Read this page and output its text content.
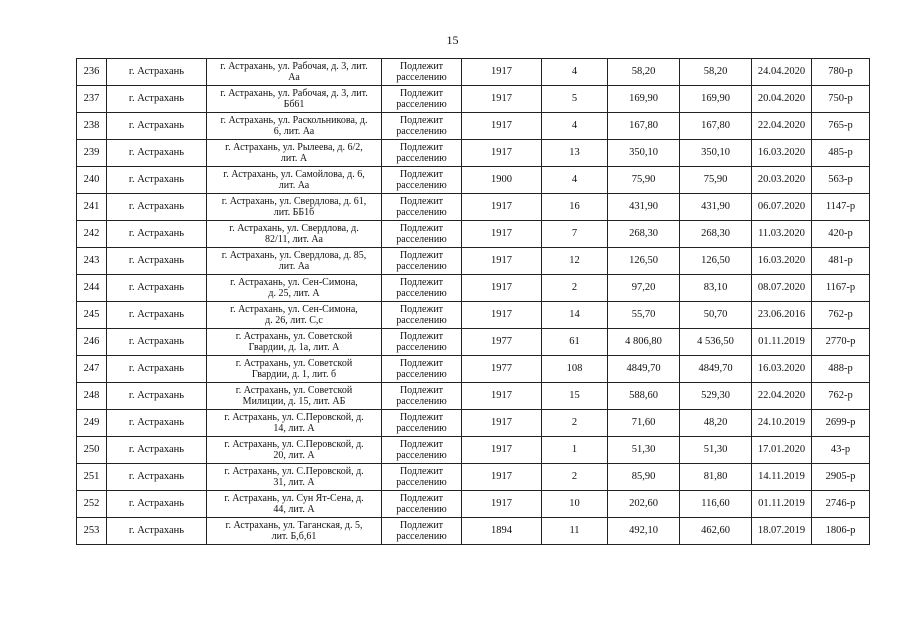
15
236	г. Астрахань	г. Астрахань, ул. Рабочая, д. 3, лит.
Аа	Подлежит
расселению	1917	4	58,20	58,20	24.04.2020	780-р
237	г. Астрахань	г. Астрахань, ул. Рабочая, д. 3, лит.
Бб61	Подлежит
расселению	1917	5	169,90	169,90	20.04.2020	750-р
238	г. Астрахань	г. Астрахань, ул. Раскольникова, д.
6, лит. Аа	Подлежит
расселению	1917	4	167,80	167,80	22.04.2020	765-р
239	г. Астрахань	г. Астрахань, ул. Рылеева, д. 6/2,
лит. А	Подлежит
расселению	1917	13	350,10	350,10	16.03.2020	485-р
240	г. Астрахань	г. Астрахань, ул. Самойлова, д. 6,
лит. Аа	Подлежит
расселению	1900	4	75,90	75,90	20.03.2020	563-р
241	г. Астрахань	г. Астрахань, ул. Свердлова, д. 61,
лит. ББ1б	Подлежит
расселению	1917	16	431,90	431,90	06.07.2020	1147-р
242	г. Астрахань	г. Астрахань, ул. Свердлова, д.
82/11, лит. Аа	Подлежит
расселению	1917	7	268,30	268,30	11.03.2020	420-р
243	г. Астрахань	г. Астрахань, ул. Свердлова, д. 85,
лит. Аа	Подлежит
расселению	1917	12	126,50	126,50	16.03.2020	481-р
244	г. Астрахань	г. Астрахань, ул. Сен-Симона,
д. 25, лит. А	Подлежит
расселению	1917	2	97,20	83,10	08.07.2020	1167-р
245	г. Астрахань	г. Астрахань, ул. Сен-Симона,
д. 26, лит. С,с	Подлежит
расселению	1917	14	55,70	50,70	23.06.2016	762-р
246	г. Астрахань	г. Астрахань, ул. Советской
Гвардии, д. 1а, лит. А	Подлежит
расселению	1977	61	4 806,80	4 536,50	01.11.2019	2770-р
247	г. Астрахань	г. Астрахань, ул. Советской
Гвардии, д. 1, лит. б	Подлежит
расселению	1977	108	4849,70	4849,70	16.03.2020	488-р
248	г. Астрахань	г. Астрахань, ул. Советской
Милиции, д. 15, лит. АБ	Подлежит
расселению	1917	15	588,60	529,30	22.04.2020	762-р
249	г. Астрахань	г. Астрахань, ул. С.Перовской, д.
14, лит. А	Подлежит
расселению	1917	2	71,60	48,20	24.10.2019	2699-р
250	г. Астрахань	г. Астрахань, ул. С.Перовской, д.
20, лит. А	Подлежит
расселению	1917	1	51,30	51,30	17.01.2020	43-р
251	г. Астрахань	г. Астрахань, ул. С.Перовской, д.
31, лит. А	Подлежит
расселению	1917	2	85,90	81,80	14.11.2019	2905-р
252	г. Астрахань	г. Астрахань, ул. Сун Ят-Сена, д.
44, лит. А	Подлежит
расселению	1917	10	202,60	116,60	01.11.2019	2746-р
253	г. Астрахань	г. Астрахань, ул. Таганская, д. 5,
лит. Б,б,61	Подлежит
расселению	1894	11	492,10	462,60	18.07.2019	1806-р
